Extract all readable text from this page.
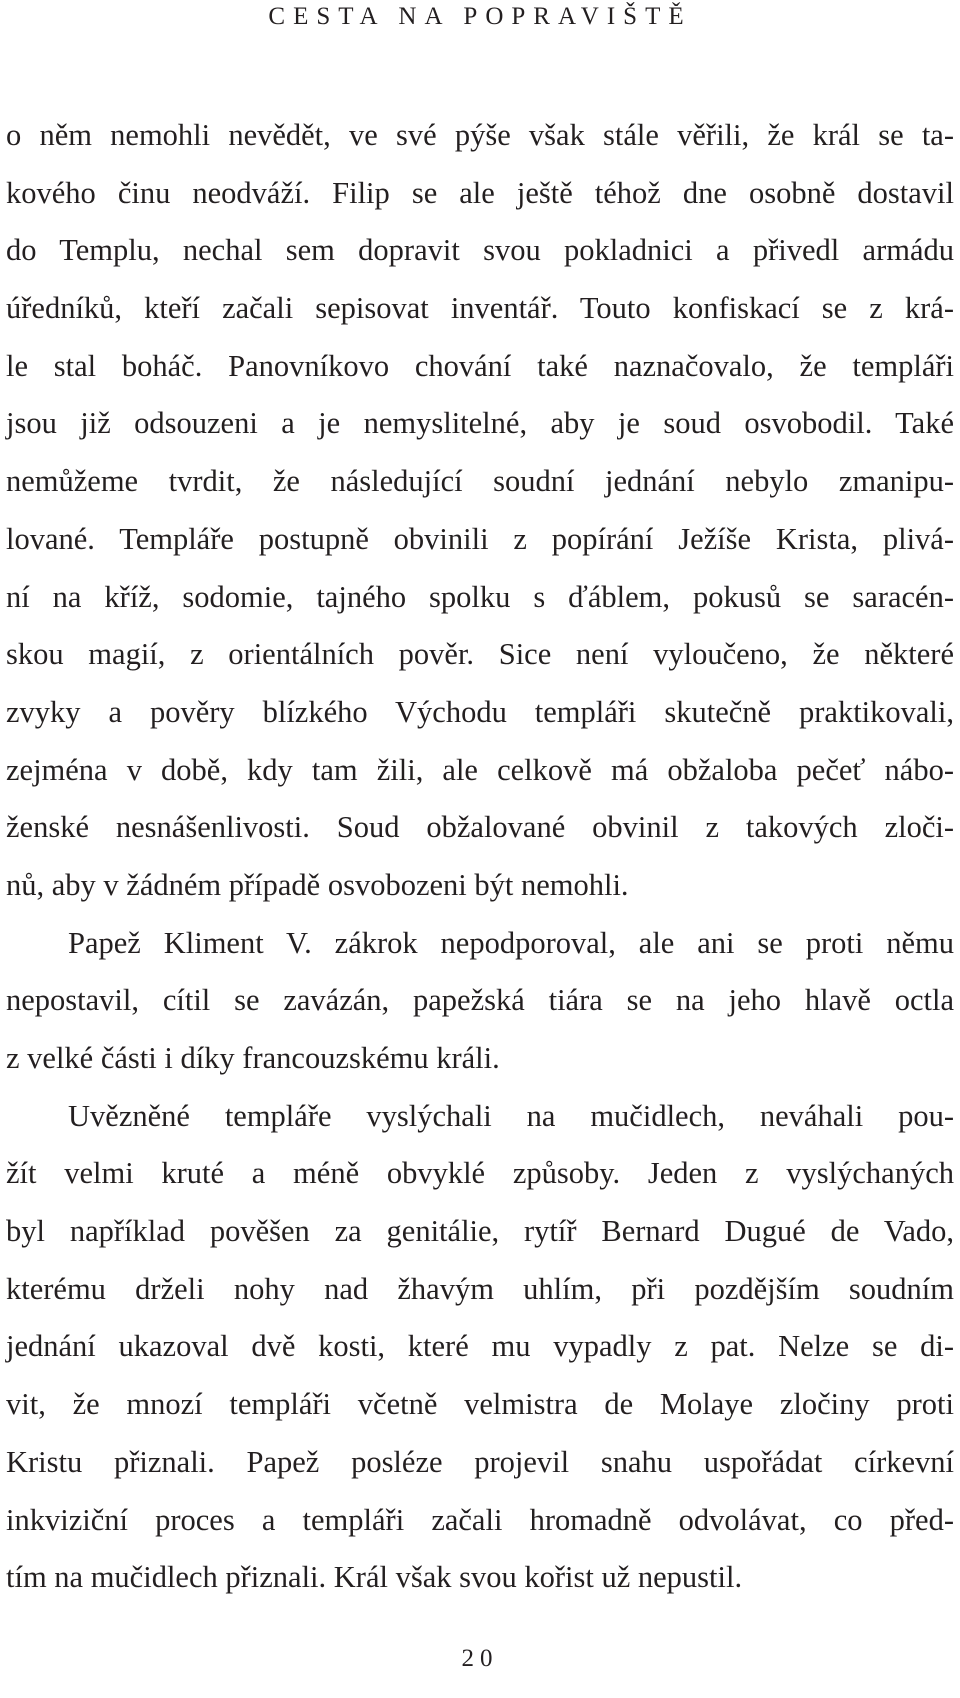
CESTA NA POPRAVIŠTĚ

o něm nemohli nevědět, ve své pýše však stále věřili, že král se ta-

kového činu neodváží. Filip se ale ještě téhož dne osobně dostavil

do Templu, nechal sem dopravit svou pokladnici a přivedl armádu

úředníků, kteří začali sepisovat inventář. Touto konfiskací se z krá-

le stal boháč. Panovníkovo chování také naznačovalo, že templáři

jsou již odsouzeni a je nemyslitelné, aby je soud osvobodil. Také

nemůžeme tvrdit, že následující soudní jednání nebylo zmanipu-

lované. Templáře postupně obvinili z popírání Ježíše Krista, plivá-

ní na kříž, sodomie, tajného spolku s ďáblem, pokusů se saracén-

skou magií, z orientálních pověr. Sice není vyloučeno, že některé

zvyky a pověry blízkého Východu templáři skutečně praktikovali,

zejména v době, kdy tam žili, ale celkově má obžaloba pečeť nábo-

ženské nesnášenlivosti. Soud obžalované obvinil z takových zloči-

nů, aby v žádném případě osvobozeni být nemohli.

Papež Kliment V. zákrok nepodporoval, ale ani se proti němu

nepostavil, cítil se zavázán, papežská tiára se na jeho hlavě octla

z velké části i díky francouzskému králi.

Uvězněné templáře vyslýchali na mučidlech, neváhali pou-

žít velmi kruté a méně obvyklé způsoby. Jeden z vyslýchaných

byl například pověšen za genitálie, rytíř Bernard Dugué de Vado,

kterému drželi nohy nad žhavým uhlím, při pozdějším soudním

jednání ukazoval dvě kosti, které mu vypadly z pat. Nelze se di-

vit, že mnozí templáři včetně velmistra de Molaye zločiny proti

Kristu přiznali. Papež posléze projevil snahu uspořádat církevní

inkviziční proces a templáři začali hromadně odvolávat, co před-

tím na mučidlech přiznali. Král však svou kořist už nepustil.

20
